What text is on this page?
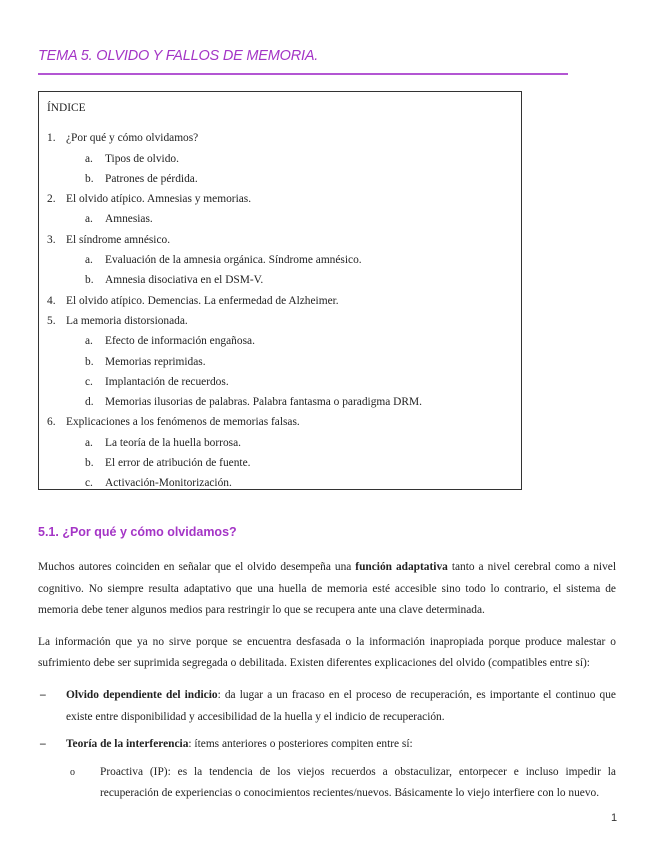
TEMA 5. OLVIDO Y FALLOS DE MEMORIA.
ÍNDICE
1. ¿Por qué y cómo olvidamos?
a.	Tipos de olvido.
b.	Patrones de pérdida.
2. El olvido atípico. Amnesias y memorias.
a.	Amnesias.
3. El síndrome amnésico.
a.	Evaluación de la amnesia orgánica. Síndrome amnésico.
b.	Amnesia disociativa en el DSM-V.
4. El olvido atípico. Demencias. La enfermedad de Alzheimer.
5. La memoria distorsionada.
a.	Efecto de información engañosa.
b.	Memorias reprimidas.
c.	Implantación de recuerdos.
d.	Memorias ilusorias de palabras. Palabra fantasma o paradigma DRM.
6. Explicaciones a los fenómenos de memorias falsas.
a.	La teoría de la huella borrosa.
b.	El error de atribución de fuente.
c.	Activación-Monitorización.
5.1. ¿Por qué y cómo olvidamos?

Muchos autores coinciden en señalar que el olvido desempeña una función adaptativa tanto a nivel cerebral como a nivel cognitivo. No siempre resulta adaptativo que una huella de memoria esté accesible sino todo lo contrario, el sistema de memoria debe tener algunos medios para restringir lo que se recupera ante una clave determinada.

La información que ya no sirve porque se encuentra desfasada o la información inapropiada porque produce malestar o sufrimiento debe ser suprimida segregada o debilitada. Existen diferentes explicaciones del olvido (compatibles entre sí):

–	Olvido dependiente del indicio: da lugar a un fracaso en el proceso de recuperación, es importante el continuo que existe entre disponibilidad y accesibilidad de la huella y el indicio de recuperación.
–	Teoría de la interferencia: ítems anteriores o posteriores compiten entre sí:
o	Proactiva (IP): es la tendencia de los viejos recuerdos a obstaculizar, entorpecer e incluso impedir la recuperación de experiencias o conocimientos recientes/nuevos. Básicamente lo viejo interfiere con lo nuevo.
1
